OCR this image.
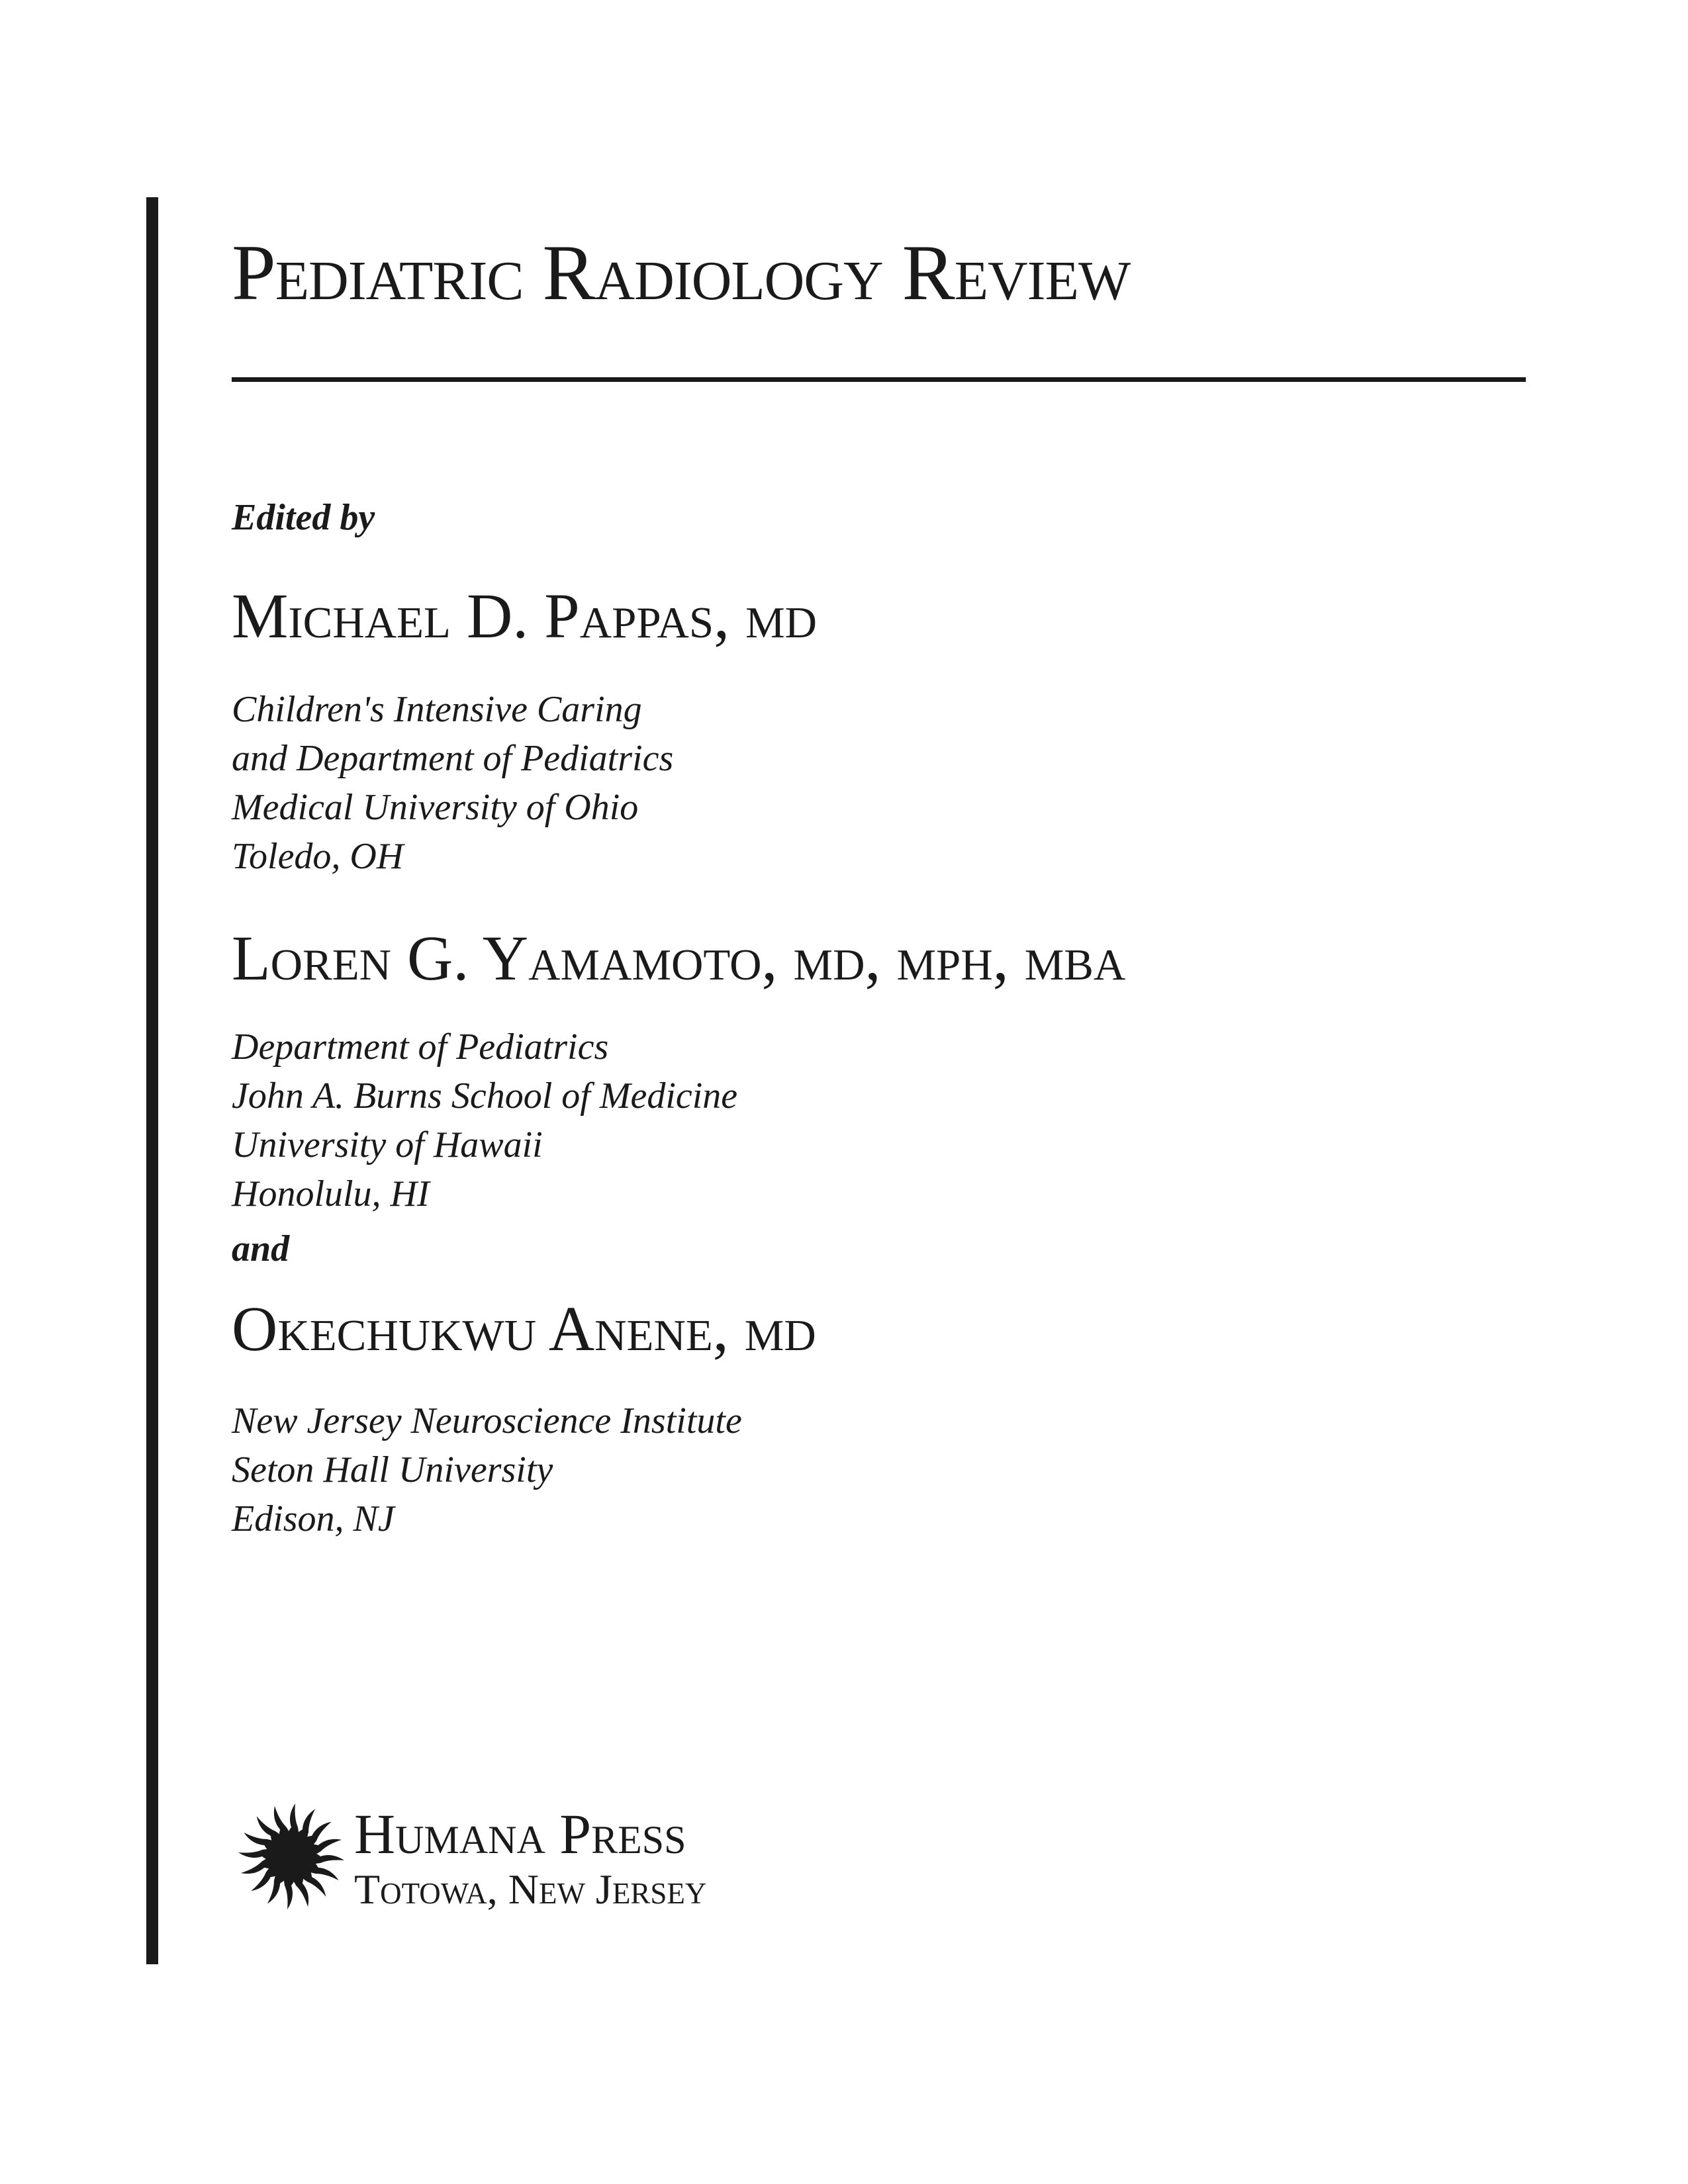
Pediatric Radiology Review
Edited by
Michael D. Pappas, md
Children's Intensive Caring
and Department of Pediatrics
Medical University of Ohio
Toledo, OH
Loren G. Yamamoto, md, mph, mba
Department of Pediatrics
John A. Burns School of Medicine
University of Hawaii
Honolulu, HI
and
Okechukwu Anene, md
New Jersey Neuroscience Institute
Seton Hall University
Edison, NJ
Humana Press
Totowa, New Jersey
